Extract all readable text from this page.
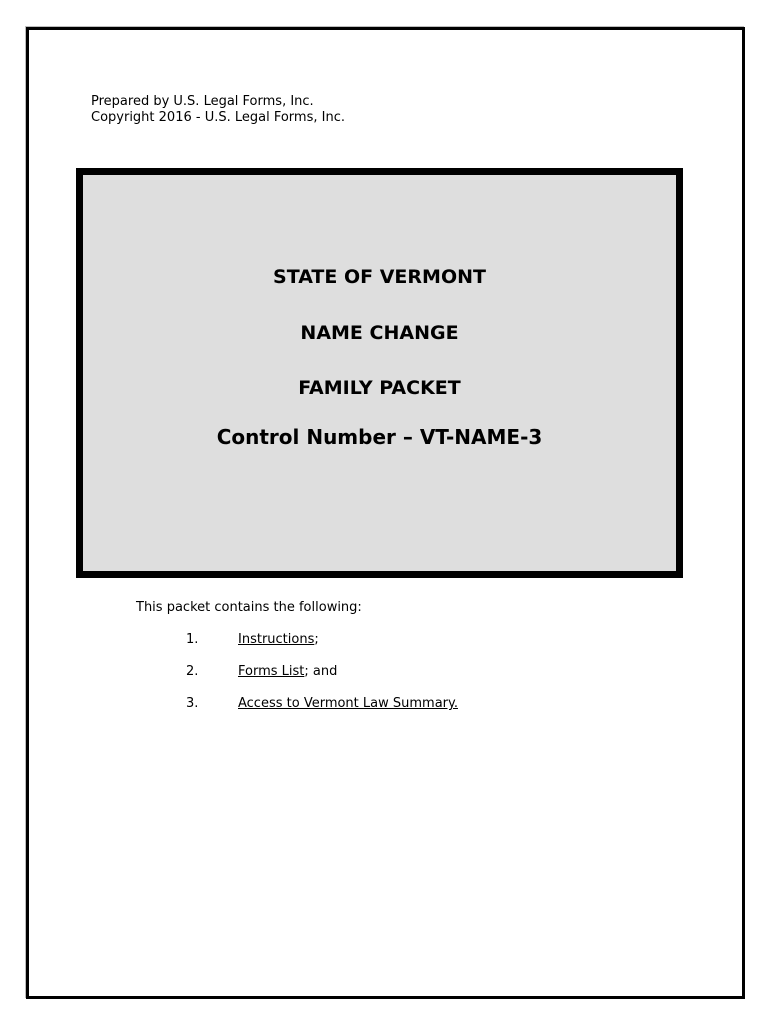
Prepared by U.S. Legal Forms, Inc.
Copyright 2016 - U.S. Legal Forms, Inc.
STATE OF VERMONT
NAME CHANGE
FAMILY PACKET
Control Number – VT-NAME-3
This packet contains the following:
1.	Instructions;
2.	Forms List; and
3.	Access to Vermont Law Summary.
